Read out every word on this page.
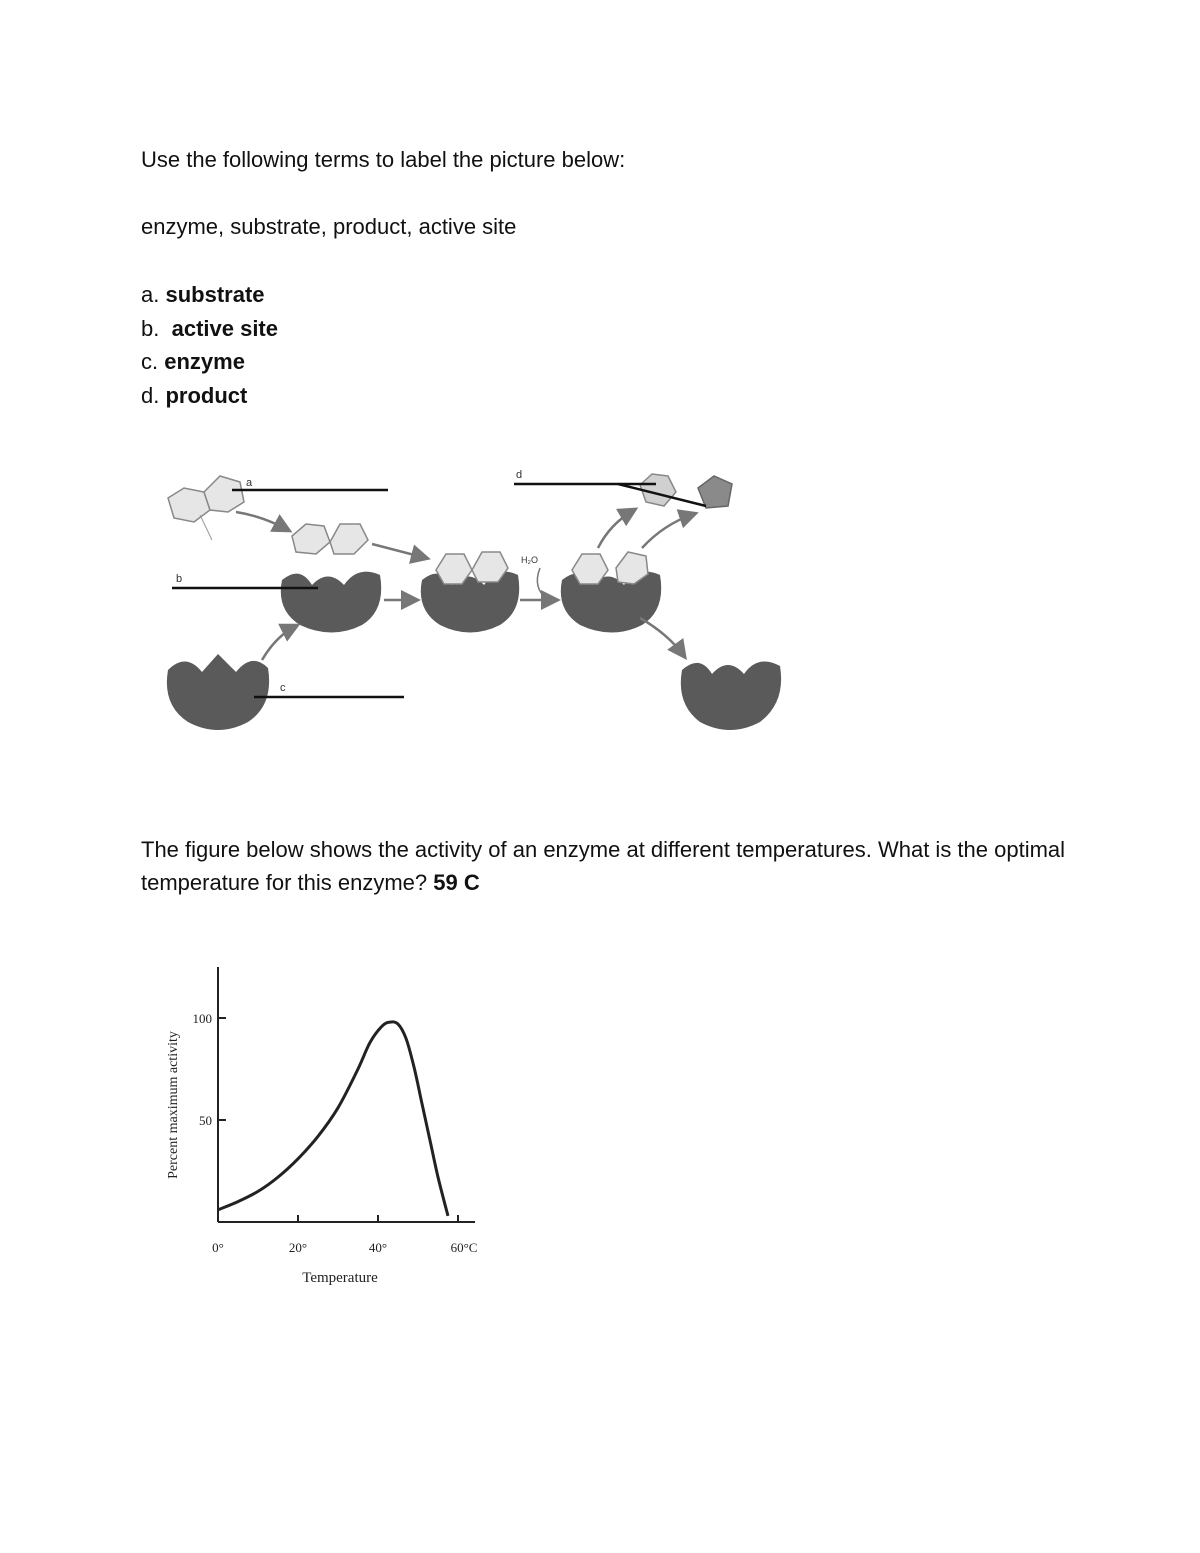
Use the following terms to label the picture below:
enzyme, substrate, product, active site
a. substrate
b. active site
c. enzyme
d. product
a
b
c
d
H₂O
The figure below shows the activity of an enzyme at different temperatures. What is the optimal temperature for this enzyme? 59 C
0°	20°	40°	60°C
50
100
Temperature
Percent maximum activity
